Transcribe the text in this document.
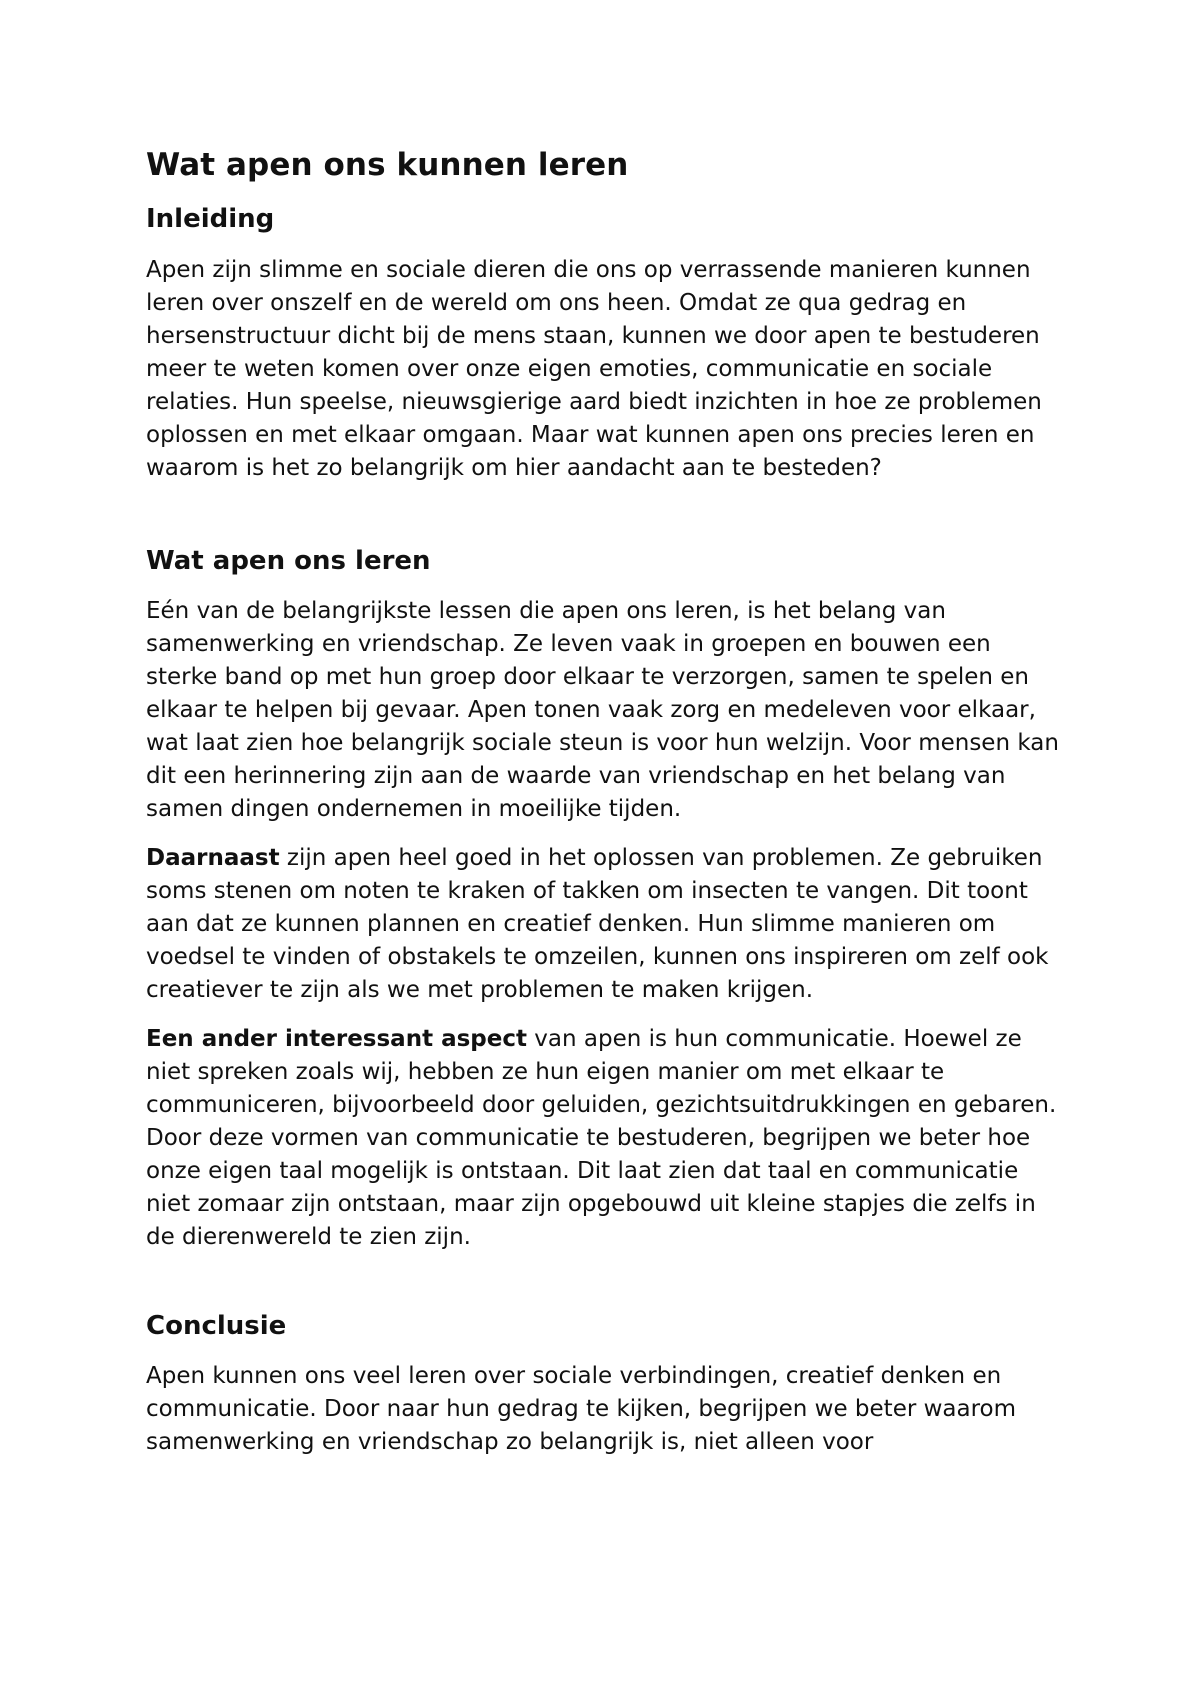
Wat apen ons kunnen leren
Inleiding

Apen zijn slimme en sociale dieren die ons op verrassende manieren kunnen leren over onszelf en de wereld om ons heen. Omdat ze qua gedrag en hersenstructuur dicht bij de mens staan, kunnen we door apen te bestuderen meer te weten komen over onze eigen emoties, communicatie en sociale relaties. Hun speelse, nieuwsgierige aard biedt inzichten in hoe ze problemen oplossen en met elkaar omgaan. Maar wat kunnen apen ons precies leren en waarom is het zo belangrijk om hier aandacht aan te besteden?

Wat apen ons leren

Eén van de belangrijkste lessen die apen ons leren, is het belang van samenwerking en vriendschap. Ze leven vaak in groepen en bouwen een sterke band op met hun groep door elkaar te verzorgen, samen te spelen en elkaar te helpen bij gevaar. Apen tonen vaak zorg en medeleven voor elkaar, wat laat zien hoe belangrijk sociale steun is voor hun welzijn. Voor mensen kan dit een herinnering zijn aan de waarde van vriendschap en het belang van samen dingen ondernemen in moeilijke tijden.

Daarnaast zijn apen heel goed in het oplossen van problemen. Ze gebruiken soms stenen om noten te kraken of takken om insecten te vangen. Dit toont aan dat ze kunnen plannen en creatief denken. Hun slimme manieren om voedsel te vinden of obstakels te omzeilen, kunnen ons inspireren om zelf ook creatiever te zijn als we met problemen te maken krijgen.

Een ander interessant aspect van apen is hun communicatie. Hoewel ze niet spreken zoals wij, hebben ze hun eigen manier om met elkaar te communiceren, bijvoorbeeld door geluiden, gezichtsuitdrukkingen en gebaren. Door deze vormen van communicatie te bestuderen, begrijpen we beter hoe onze eigen taal mogelijk is ontstaan. Dit laat zien dat taal en communicatie niet zomaar zijn ontstaan, maar zijn opgebouwd uit kleine stapjes die zelfs in de dierenwereld te zien zijn.

Conclusie

Apen kunnen ons veel leren over sociale verbindingen, creatief denken en communicatie. Door naar hun gedrag te kijken, begrijpen we beter waarom samenwerking en vriendschap zo belangrijk is, niet alleen voor
